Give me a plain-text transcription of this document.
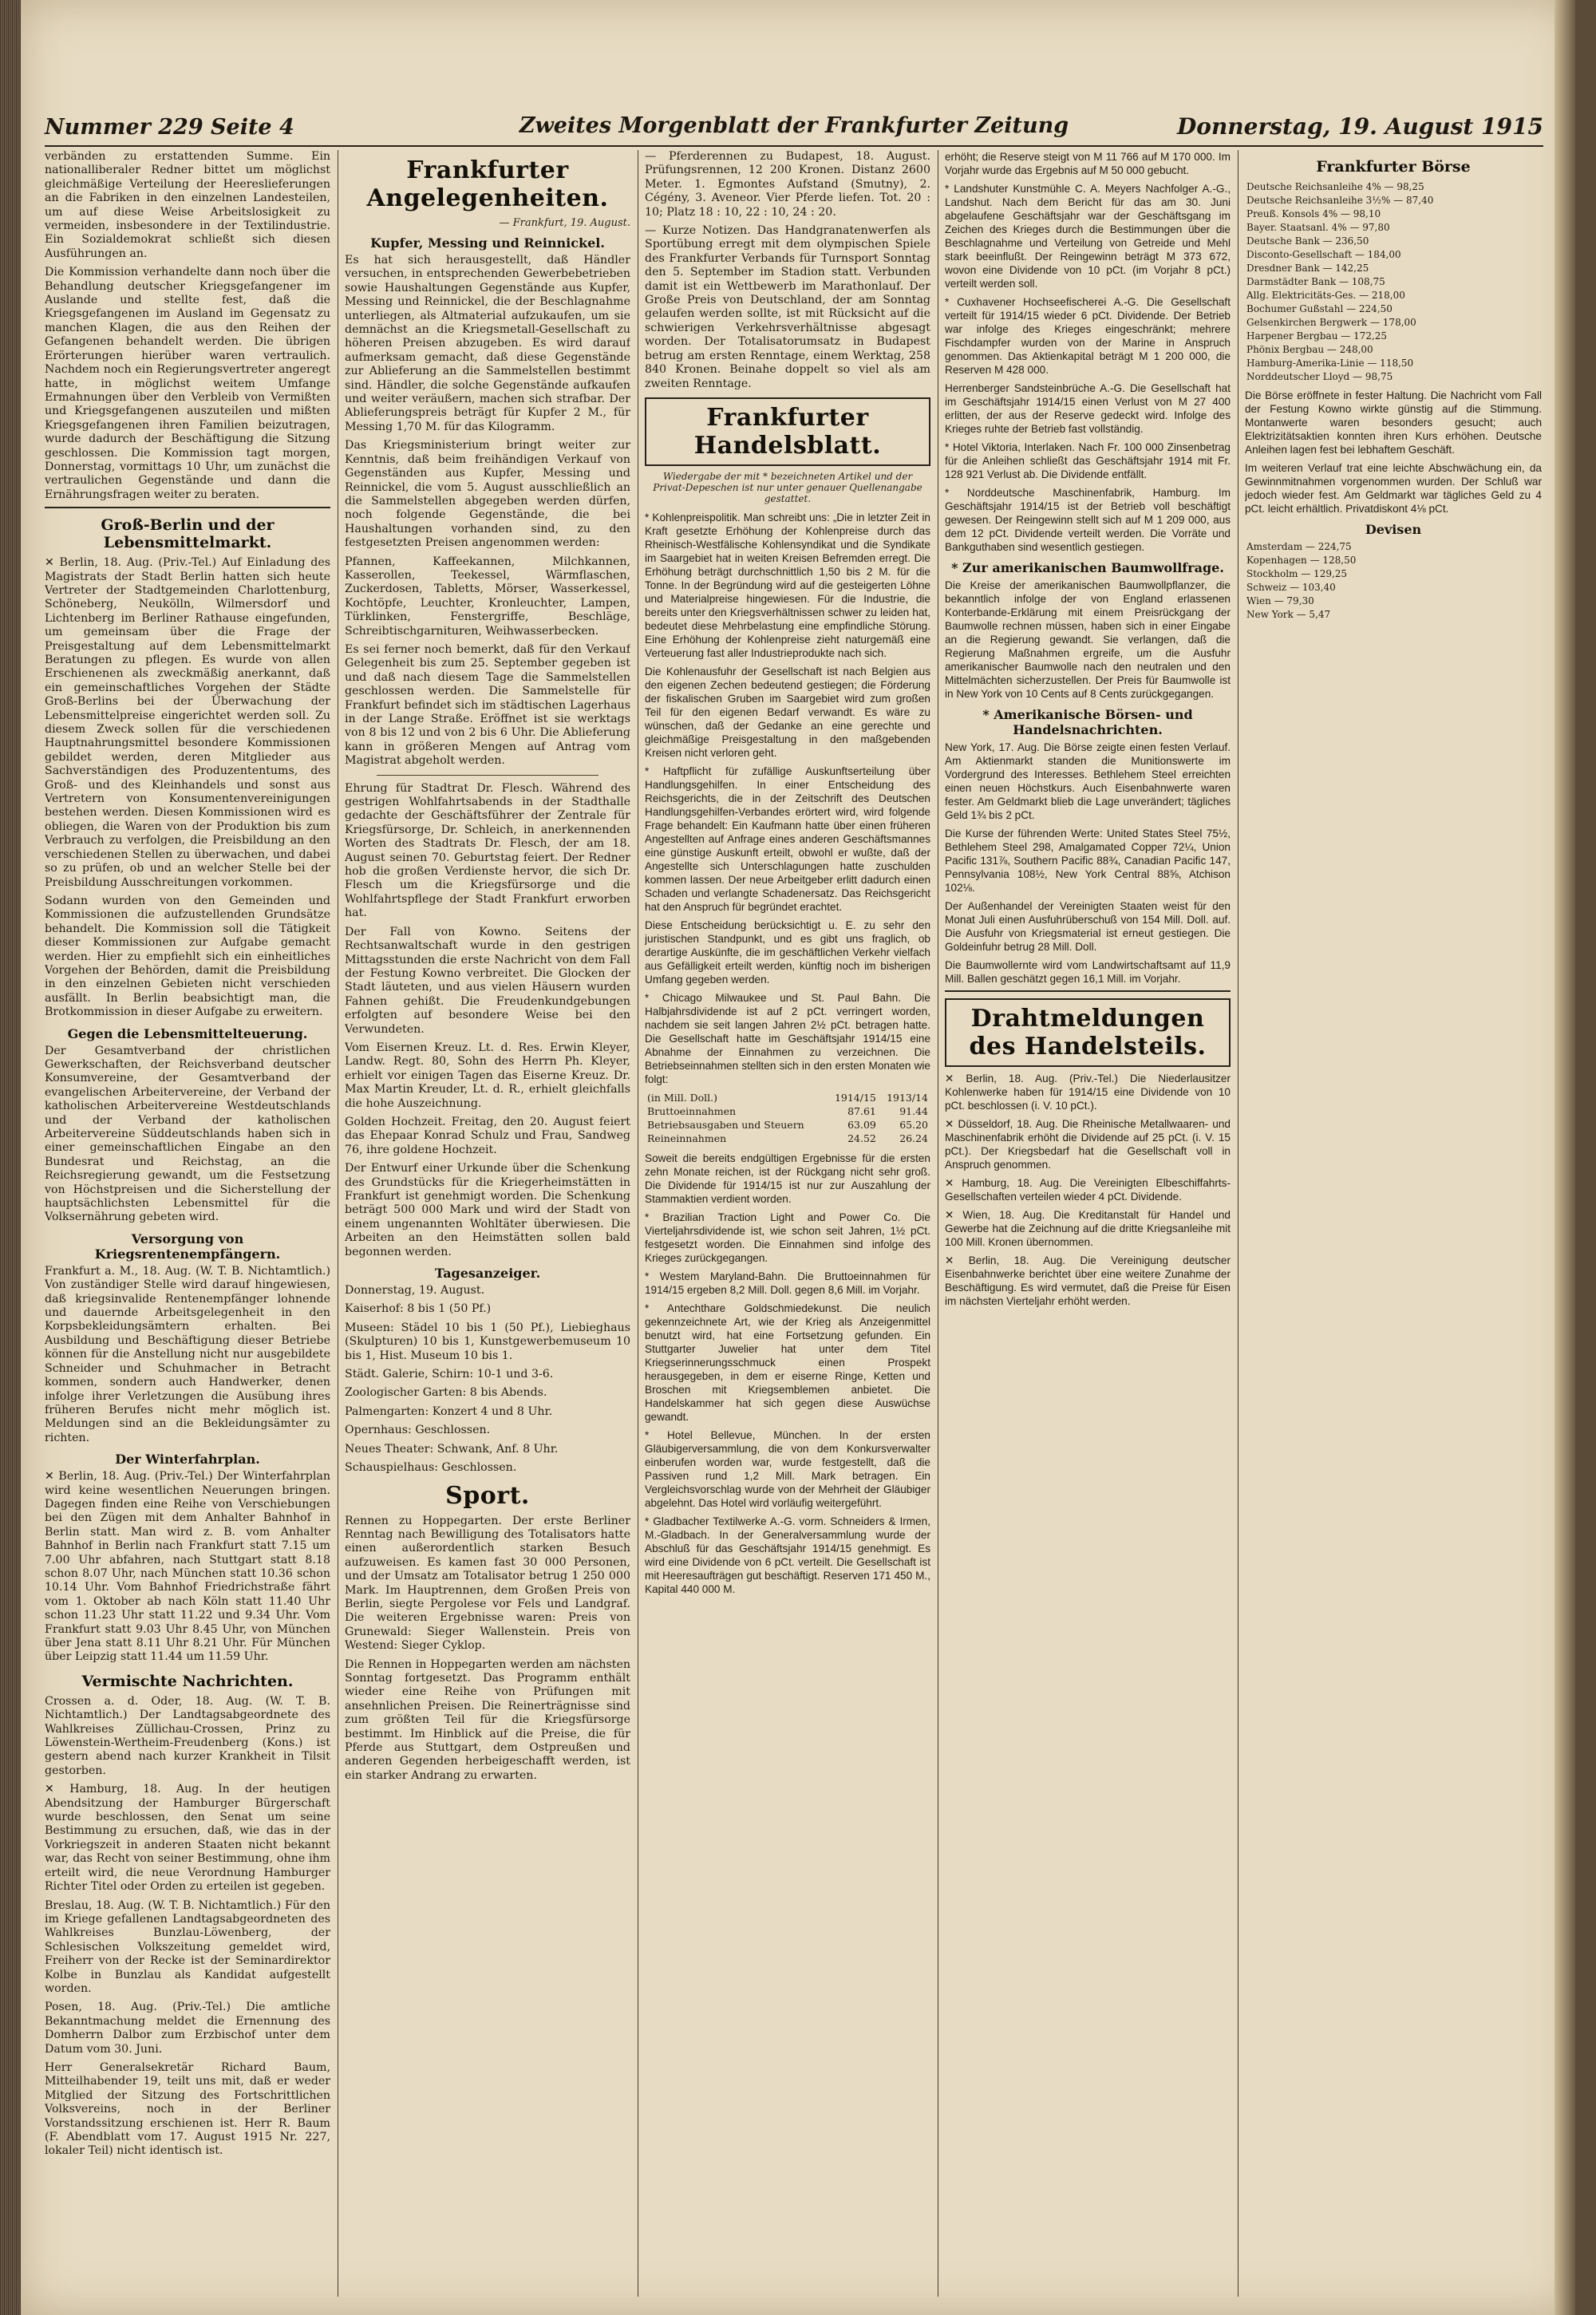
Nummer 229 Seite 4	Zweites Morgenblatt der Frankfurter Zeitung	Donnerstag, 19. August 1915

verbänden zu erstattenden Summe. Ein nationalliberaler Redner bittet um möglichst gleichmäßige Verteilung der Heereslieferungen an die Fabriken in den einzelnen Landesteilen, um auf diese Weise Arbeitslosigkeit zu vermeiden, insbesondere in der Textilindustrie. Ein Sozialdemokrat schließt sich diesen Ausführungen an.

Die Kommission verhandelte dann noch über die Behandlung deutscher Kriegsgefangener im Auslande und stellte fest, daß die Kriegsgefangenen im Ausland im Gegensatz zu manchen Klagen, die aus den Reihen der Gefangenen behandelt werden. Die übrigen Erörterungen hierüber waren vertraulich. Nachdem noch ein Regierungsvertreter angeregt hatte, in möglichst weitem Umfange Ermahnungen über den Verbleib von Vermißten und Kriegsgefangenen auszuteilen und mißten Kriegsgefangenen ihren Familien beizutragen, wurde dadurch der Beschäftigung die Sitzung geschlossen. Die Kommission tagt morgen, Donnerstag, vormittags 10 Uhr, um zunächst die vertraulichen Gegenstände und dann die Ernährungsfragen weiter zu beraten.

Groß-Berlin und der Lebensmittelmarkt.

✕ Berlin, 18. Aug. (Priv.-Tel.) Auf Einladung des Magistrats der Stadt Berlin hatten sich heute Vertreter der Stadtgemeinden Charlottenburg, Schöneberg, Neukölln, Wilmersdorf und Lichtenberg im Berliner Rathause eingefunden, um gemeinsam über die Frage der Preisgestaltung auf dem Lebensmittelmarkt Beratungen zu pflegen. Es wurde von allen Erschienenen als zweckmäßig anerkannt, daß ein gemeinschaftliches Vorgehen der Städte Groß-Berlins bei der Überwachung der Lebensmittelpreise eingerichtet werden soll. Zu diesem Zweck sollen für die verschiedenen Hauptnahrungsmittel besondere Kommissionen gebildet werden, deren Mitglieder aus Sachverständigen des Produzententums, des Groß- und des Kleinhandels und sonst aus Vertretern von Konsumentenvereinigungen bestehen werden. Diesen Kommissionen wird es obliegen, die Waren von der Produktion bis zum Verbrauch zu verfolgen, die Preisbildung an den verschiedenen Stellen zu überwachen, und dabei so zu prüfen, ob und an welcher Stelle bei der Preisbildung Ausschreitungen vorkommen.

Sodann wurden von den Gemeinden und Kommissionen die aufzustellenden Grundsätze behandelt. Die Kommission soll die Tätigkeit dieser Kommissionen zur Aufgabe gemacht werden. Hier zu empfiehlt sich ein einheitliches Vorgehen der Behörden, damit die Preisbildung in den einzelnen Gebieten nicht verschieden ausfällt. In Berlin beabsichtigt man, die Brotkommission in dieser Aufgabe zu erweitern.

Gegen die Lebensmittelteuerung.

Der Gesamtverband der christlichen Gewerkschaften, der Reichsverband deutscher Konsumvereine, der Gesamtverband der evangelischen Arbeitervereine, der Verband der katholischen Arbeitervereine Westdeutschlands und der Verband der katholischen Arbeitervereine Süddeutschlands haben sich in einer gemeinschaftlichen Eingabe an den Bundesrat und Reichstag, an die Reichsregierung gewandt, um die Festsetzung von Höchstpreisen und die Sicherstellung der hauptsächlichsten Lebensmittel für die Volksernährung gebeten wird.

Versorgung von Kriegsrentenempfängern.

Frankfurt a. M., 18. Aug. (W. T. B. Nichtamtlich.) Von zuständiger Stelle wird darauf hingewiesen, daß kriegsinvalide Rentenempfänger lohnende und dauernde Arbeitsgelegenheit in den Korpsbekleidungsämtern erhalten. Bei Ausbildung und Beschäftigung dieser Betriebe können für die Anstellung nicht nur ausgebildete Schneider und Schuhmacher in Betracht kommen, sondern auch Handwerker, denen infolge ihrer Verletzungen die Ausübung ihres früheren Berufes nicht mehr möglich ist. Meldungen sind an die Bekleidungsämter zu richten.

Der Winterfahrplan.

✕ Berlin, 18. Aug. (Priv.-Tel.) Der Winterfahrplan wird keine wesentlichen Neuerungen bringen. Dagegen finden eine Reihe von Verschiebungen bei den Zügen mit dem Anhalter Bahnhof in Berlin statt. Man wird z. B. vom Anhalter Bahnhof in Berlin nach Frankfurt statt 7.15 um 7.00 Uhr abfahren, nach Stuttgart statt 8.18 schon 8.07 Uhr, nach München statt 10.36 schon 10.14 Uhr. Vom Bahnhof Friedrichstraße fährt vom 1. Oktober ab nach Köln statt 11.40 Uhr schon 11.23 Uhr statt 11.22 und 9.34 Uhr. Vom Frankfurt statt 9.03 Uhr 8.45 Uhr, von München über Jena statt 8.11 Uhr 8.21 Uhr. Für München über Leipzig statt 11.44 um 11.59 Uhr.

Vermischte Nachrichten.

Crossen a. d. Oder, 18. Aug. (W. T. B. Nichtamtlich.) Der Landtagsabgeordnete des Wahlkreises Züllichau-Crossen, Prinz zu Löwenstein-Wertheim-Freudenberg (Kons.) ist gestern abend nach kurzer Krankheit in Tilsit gestorben.

✕ Hamburg, 18. Aug. In der heutigen Abendsitzung der Hamburger Bürgerschaft wurde beschlossen, den Senat um seine Bestimmung zu ersuchen, daß, wie das in der Vorkriegszeit in anderen Staaten nicht bekannt war, das Recht von seiner Bestimmung, ohne ihm erteilt wird, die neue Verordnung Hamburger Richter Titel oder Orden zu erteilen ist gegeben.

Breslau, 18. Aug. (W. T. B. Nichtamtlich.) Für den im Kriege gefallenen Landtagsabgeordneten des Wahlkreises Bunzlau-Löwenberg, der Schlesischen Volkszeitung gemeldet wird, Freiherr von der Recke ist der Seminardirektor Kolbe in Bunzlau als Kandidat aufgestellt worden.

Posen, 18. Aug. (Priv.-Tel.) Die amtliche Bekanntmachung meldet die Ernennung des Domherrn Dalbor zum Erzbischof unter dem Datum vom 30. Juni.

Herr Generalsekretär Richard Baum, Mitteilhabender 19, teilt uns mit, daß er weder Mitglied der Sitzung des Fortschrittlichen Volksvereins, noch in der Berliner Vorstandssitzung erschienen ist. Herr R. Baum (F. Abendblatt vom 17. August 1915 Nr. 227, lokaler Teil) nicht identisch ist.

Frankfurter Angelegenheiten.
— Frankfurt, 19. August.
Kupfer, Messing und Reinnickel.

Es hat sich herausgestellt, daß Händler versuchen, in entsprechenden Gewerbebetrieben sowie Haushaltungen Gegenstände aus Kupfer, Messing und Reinnickel, die der Beschlagnahme unterliegen, als Altmaterial aufzukaufen, um sie demnächst an die Kriegsmetall-Gesellschaft zu höheren Preisen abzugeben. Es wird darauf aufmerksam gemacht, daß diese Gegenstände zur Ablieferung an die Sammelstellen bestimmt sind. Händler, die solche Gegenstände aufkaufen und weiter veräußern, machen sich strafbar. Der Ablieferungspreis beträgt für Kupfer 2 M., für Messing 1,70 M. für das Kilogramm.

Das Kriegsministerium bringt weiter zur Kenntnis, daß beim freihändigen Verkauf von Gegenständen aus Kupfer, Messing und Reinnickel, die vom 5. August ausschließlich an die Sammelstellen abgegeben werden dürfen, noch folgende Gegenstände, die bei Haushaltungen vorhanden sind, zu den festgesetzten Preisen angenommen werden:

Pfannen, Kaffeekannen, Milchkannen, Kasserollen, Teekessel, Wärmflaschen, Zuckerdosen, Tabletts, Mörser, Wasserkessel, Kochtöpfe, Leuchter, Kronleuchter, Lampen, Türklinken, Fenstergriffe, Beschläge, Schreibtischgarnituren, Weihwasserbecken.

Es sei ferner noch bemerkt, daß für den Verkauf Gelegenheit bis zum 25. September gegeben ist und daß nach diesem Tage die Sammelstellen geschlossen werden. Die Sammelstelle für Frankfurt befindet sich im städtischen Lagerhaus in der Lange Straße. Eröffnet ist sie werktags von 8 bis 12 und von 2 bis 6 Uhr. Die Ablieferung kann in größeren Mengen auf Antrag vom Magistrat abgeholt werden.

Ehrung für Stadtrat Dr. Flesch. Während des gestrigen Wohlfahrtsabends in der Stadthalle gedachte der Geschäftsführer der Zentrale für Kriegsfürsorge, Dr. Schleich, in anerkennenden Worten des Stadtrats Dr. Flesch, der am 18. August seinen 70. Geburtstag feiert. Der Redner hob die großen Verdienste hervor, die sich Dr. Flesch um die Kriegsfürsorge und die Wohlfahrtspflege der Stadt Frankfurt erworben hat.

Der Fall von Kowno. Seitens der Rechtsanwaltschaft wurde in den gestrigen Mittagsstunden die erste Nachricht von dem Fall der Festung Kowno verbreitet. Die Glocken der Stadt läuteten, und aus vielen Häusern wurden Fahnen gehißt. Die Freudenkundgebungen erfolgten auf besondere Weise bei den Verwundeten.

Vom Eisernen Kreuz. Lt. d. Res. Erwin Kleyer, Landw. Regt. 80, Sohn des Herrn Ph. Kleyer, erhielt vor einigen Tagen das Eiserne Kreuz. Dr. Max Martin Kreuder, Lt. d. R., erhielt gleichfalls die hohe Auszeichnung.

Golden Hochzeit. Freitag, den 20. August feiert das Ehepaar Konrad Schulz und Frau, Sandweg 76, ihre goldene Hochzeit.

Der Entwurf einer Urkunde über die Schenkung des Grundstücks für die Kriegerheimstätten in Frankfurt ist genehmigt worden. Die Schenkung beträgt 500 000 Mark und wird der Stadt von einem ungenannten Wohltäter überwiesen. Die Arbeiten an den Heimstätten sollen bald begonnen werden.

Tagesanzeiger.

Donnerstag, 19. August.

Kaiserhof: 8 bis 1 (50 Pf.)

Museen: Städel 10 bis 1 (50 Pf.), Liebieghaus (Skulpturen) 10 bis 1, Kunstgewerbemuseum 10 bis 1, Hist. Museum 10 bis 1.

Städt. Galerie, Schirn: 10-1 und 3-6.

Zoologischer Garten: 8 bis Abends.

Palmengarten: Konzert 4 und 8 Uhr.

Opernhaus: Geschlossen.

Neues Theater: Schwank, Anf. 8 Uhr.

Schauspielhaus: Geschlossen.

Sport.

Rennen zu Hoppegarten. Der erste Berliner Renntag nach Bewilligung des Totalisators hatte einen außerordentlich starken Besuch aufzuweisen. Es kamen fast 30 000 Personen, und der Umsatz am Totalisator betrug 1 250 000 Mark. Im Hauptrennen, dem Großen Preis von Berlin, siegte Pergolese vor Fels und Landgraf. Die weiteren Ergebnisse waren: Preis von Grunewald: Sieger Wallenstein. Preis von Westend: Sieger Cyklop.

Die Rennen in Hoppegarten werden am nächsten Sonntag fortgesetzt. Das Programm enthält wieder eine Reihe von Prüfungen mit ansehnlichen Preisen. Die Reinerträgnisse sind zum größten Teil für die Kriegsfürsorge bestimmt. Im Hinblick auf die Preise, die für Pferde aus Stuttgart, dem Ostpreußen und anderen Gegenden herbeigeschafft werden, ist ein starker Andrang zu erwarten.

— Pferderennen zu Budapest, 18. August. Prüfungsrennen, 12 200 Kronen. Distanz 2600 Meter. 1. Egmontes Aufstand (Smutny), 2. Cégény, 3. Aveneor. Vier Pferde liefen. Tot. 20 : 10; Platz 18 : 10, 22 : 10, 24 : 20.

— Kurze Notizen. Das Handgranatenwerfen als Sportübung erregt mit dem olympischen Spiele des Frankfurter Verbands für Turnsport Sonntag den 5. September im Stadion statt. Verbunden damit ist ein Wettbewerb im Marathonlauf. Der Große Preis von Deutschland, der am Sonntag gelaufen werden sollte, ist mit Rücksicht auf die schwierigen Verkehrsverhältnisse abgesagt worden. Der Totalisatorumsatz in Budapest betrug am ersten Renntage, einem Werktag, 258 840 Kronen. Beinahe doppelt so viel als am zweiten Renntage.

Frankfurter Handelsblatt.
Wiedergabe der mit * bezeichneten Artikel und der Privat-Depeschen ist nur unter genauer Quellenangabe gestattet.

* Kohlenpreispolitik. Man schreibt uns: „Die in letzter Zeit in Kraft gesetzte Erhöhung der Kohlenpreise durch das Rheinisch-Westfälische Kohlensyndikat und die Syndikate im Saargebiet hat in weiten Kreisen Befremden erregt. Die Erhöhung beträgt durchschnittlich 1,50 bis 2 M. für die Tonne. In der Begründung wird auf die gesteigerten Löhne und Materialpreise hingewiesen. Für die Industrie, die bereits unter den Kriegsverhältnissen schwer zu leiden hat, bedeutet diese Mehrbelastung eine empfindliche Störung. Eine Erhöhung der Kohlenpreise zieht naturgemäß eine Verteuerung fast aller Industrieprodukte nach sich.

Die Kohlenausfuhr der Gesellschaft ist nach Belgien aus den eigenen Zechen bedeutend gestiegen; die Förderung der fiskalischen Gruben im Saargebiet wird zum großen Teil für den eigenen Bedarf verwandt. Es wäre zu wünschen, daß der Gedanke an eine gerechte und gleichmäßige Preisgestaltung in den maßgebenden Kreisen nicht verloren geht.

* Haftpflicht für zufällige Auskunftserteilung über Handlungsgehilfen. In einer Entscheidung des Reichsgerichts, die in der Zeitschrift des Deutschen Handlungsgehilfen-Verbandes erörtert wird, wird folgende Frage behandelt: Ein Kaufmann hatte über einen früheren Angestellten auf Anfrage eines anderen Geschäftsmannes eine günstige Auskunft erteilt, obwohl er wußte, daß der Angestellte sich Unterschlagungen hatte zuschulden kommen lassen. Der neue Arbeitgeber erlitt dadurch einen Schaden und verlangte Schadenersatz. Das Reichsgericht hat den Anspruch für begründet erachtet.

Diese Entscheidung berücksichtigt u. E. zu sehr den juristischen Standpunkt, und es gibt uns fraglich, ob derartige Auskünfte, die im geschäftlichen Verkehr vielfach aus Gefälligkeit erteilt werden, künftig noch im bisherigen Umfang gegeben werden.

* Chicago Milwaukee und St. Paul Bahn. Die Halbjahrsdividende ist auf 2 pCt. verringert worden, nachdem sie seit langen Jahren 2½ pCt. betragen hatte. Die Gesellschaft hatte im Geschäftsjahr 1914/15 eine Abnahme der Einnahmen zu verzeichnen. Die Betriebseinnahmen stellten sich in den ersten Monaten wie folgt:

(in Mill. Doll.)	1914/15	1913/14
Bruttoeinnahmen	87.61	91.44
Betriebsausgaben und Steuern	63.09	65.20
Reineinnahmen	24.52	26.24

Soweit die bereits endgültigen Ergebnisse für die ersten zehn Monate reichen, ist der Rückgang nicht sehr groß. Die Dividende für 1914/15 ist nur zur Auszahlung der Stammaktien verdient worden.

* Brazilian Traction Light and Power Co. Die Vierteljahrsdividende ist, wie schon seit Jahren, 1½ pCt. festgesetzt worden. Die Einnahmen sind infolge des Krieges zurückgegangen.

* Westem Maryland-Bahn. Die Bruttoeinnahmen für 1914/15 ergeben 8,2 Mill. Doll. gegen 8,6 Mill. im Vorjahr.

* Antechthare Goldschmiedekunst. Die neulich gekennzeichnete Art, wie der Krieg als Anzeigenmittel benutzt wird, hat eine Fortsetzung gefunden. Ein Stuttgarter Juwelier hat unter dem Titel Kriegserinnerungsschmuck einen Prospekt herausgegeben, in dem er eiserne Ringe, Ketten und Broschen mit Kriegsemblemen anbietet. Die Handelskammer hat sich gegen diese Auswüchse gewandt.

* Hotel Bellevue, München. In der ersten Gläubigerversammlung, die von dem Konkursverwalter einberufen worden war, wurde festgestellt, daß die Passiven rund 1,2 Mill. Mark betragen. Ein Vergleichsvorschlag wurde von der Mehrheit der Gläubiger abgelehnt. Das Hotel wird vorläufig weitergeführt.

* Gladbacher Textilwerke A.-G. vorm. Schneiders & Irmen, M.-Gladbach. In der Generalversammlung wurde der Abschluß für das Geschäftsjahr 1914/15 genehmigt. Es wird eine Dividende von 6 pCt. verteilt. Die Gesellschaft ist mit Heeresaufträgen gut beschäftigt. Reserven 171 450 M., Kapital 440 000 M.

erhöht; die Reserve steigt von M 11 766 auf M 170 000. Im Vorjahr wurde das Ergebnis auf M 50 000 gebucht.

* Landshuter Kunstmühle C. A. Meyers Nachfolger A.-G., Landshut. Nach dem Bericht für das am 30. Juni abgelaufene Geschäftsjahr war der Geschäftsgang im Zeichen des Krieges durch die Bestimmungen über die Beschlagnahme und Verteilung von Getreide und Mehl stark beeinflußt. Der Reingewinn beträgt M 373 672, wovon eine Dividende von 10 pCt. (im Vorjahr 8 pCt.) verteilt werden soll.

* Cuxhavener Hochseefischerei A.-G. Die Gesellschaft verteilt für 1914/15 wieder 6 pCt. Dividende. Der Betrieb war infolge des Krieges eingeschränkt; mehrere Fischdampfer wurden von der Marine in Anspruch genommen. Das Aktienkapital beträgt M 1 200 000, die Reserven M 428 000.

Herrenberger Sandsteinbrüche A.-G. Die Gesellschaft hat im Geschäftsjahr 1914/15 einen Verlust von M 27 400 erlitten, der aus der Reserve gedeckt wird. Infolge des Krieges ruhte der Betrieb fast vollständig.

* Hotel Viktoria, Interlaken. Nach Fr. 100 000 Zinsenbetrag für die Anleihen schließt das Geschäftsjahr 1914 mit Fr. 128 921 Verlust ab. Die Dividende entfällt.

* Norddeutsche Maschinenfabrik, Hamburg. Im Geschäftsjahr 1914/15 ist der Betrieb voll beschäftigt gewesen. Der Reingewinn stellt sich auf M 1 209 000, aus dem 12 pCt. Dividende verteilt werden. Die Vorräte und Bankguthaben sind wesentlich gestiegen.

* Zur amerikanischen Baumwollfrage.

Die Kreise der amerikanischen Baumwollpflanzer, die bekanntlich infolge der von England erlassenen Konterbande-Erklärung mit einem Preisrückgang der Baumwolle rechnen müssen, haben sich in einer Eingabe an die Regierung gewandt. Sie verlangen, daß die Regierung Maßnahmen ergreife, um die Ausfuhr amerikanischer Baumwolle nach den neutralen und den Mittelmächten sicherzustellen. Der Preis für Baumwolle ist in New York von 10 Cents auf 8 Cents zurückgegangen.

* Amerikanische Börsen- und Handelsnachrichten.

New York, 17. Aug. Die Börse zeigte einen festen Verlauf. Am Aktienmarkt standen die Munitionswerte im Vordergrund des Interesses. Bethlehem Steel erreichten einen neuen Höchstkurs. Auch Eisenbahnwerte waren fester. Am Geldmarkt blieb die Lage unverändert; tägliches Geld 1¾ bis 2 pCt.

Die Kurse der führenden Werte: United States Steel 75½, Bethlehem Steel 298, Amalgamated Copper 72¼, Union Pacific 131⅞, Southern Pacific 88¾, Canadian Pacific 147, Pennsylvania 108½, New York Central 88⅝, Atchison 102⅛.

Der Außenhandel der Vereinigten Staaten weist für den Monat Juli einen Ausfuhrüberschuß von 154 Mill. Doll. auf. Die Ausfuhr von Kriegsmaterial ist erneut gestiegen. Die Goldeinfuhr betrug 28 Mill. Doll.

Die Baumwollernte wird vom Landwirtschaftsamt auf 11,9 Mill. Ballen geschätzt gegen 16,1 Mill. im Vorjahr.

Drahtmeldungen des Handelsteils.

✕ Berlin, 18. Aug. (Priv.-Tel.) Die Niederlausitzer Kohlenwerke haben für 1914/15 eine Dividende von 10 pCt. beschlossen (i. V. 10 pCt.).

✕ Düsseldorf, 18. Aug. Die Rheinische Metallwaaren- und Maschinenfabrik erhöht die Dividende auf 25 pCt. (i. V. 15 pCt.). Der Kriegsbedarf hat die Gesellschaft voll in Anspruch genommen.

✕ Hamburg, 18. Aug. Die Vereinigten Elbeschiffahrts-Gesellschaften verteilen wieder 4 pCt. Dividende.

✕ Wien, 18. Aug. Die Kreditanstalt für Handel und Gewerbe hat die Zeichnung auf die dritte Kriegsanleihe mit 100 Mill. Kronen übernommen.

✕ Berlin, 18. Aug. Die Vereinigung deutscher Eisenbahnwerke berichtet über eine weitere Zunahme der Beschäftigung. Es wird vermutet, daß die Preise für Eisen im nächsten Vierteljahr erhöht werden.

Frankfurter Börse
Deutsche Reichsanleihe 4% — 98,25
Deutsche Reichsanleihe 3½% — 87,40
Preuß. Konsols 4% — 98,10
Bayer. Staatsanl. 4% — 97,80
Deutsche Bank — 236,50
Disconto-Gesellschaft — 184,00
Dresdner Bank — 142,25
Darmstädter Bank — 108,75
Allg. Elektricitäts-Ges. — 218,00
Bochumer Gußstahl — 224,50
Gelsenkirchen Bergwerk — 178,00
Harpener Bergbau — 172,25
Phönix Bergbau — 248,00
Hamburg-Amerika-Linie — 118,50
Norddeutscher Lloyd — 98,75

Die Börse eröffnete in fester Haltung. Die Nachricht vom Fall der Festung Kowno wirkte günstig auf die Stimmung. Montanwerte waren besonders gesucht; auch Elektrizitätsaktien konnten ihren Kurs erhöhen. Deutsche Anleihen lagen fest bei lebhaftem Geschäft.

Im weiteren Verlauf trat eine leichte Abschwächung ein, da Gewinnmitnahmen vorgenommen wurden. Der Schluß war jedoch wieder fest. Am Geldmarkt war tägliches Geld zu 4 pCt. leicht erhältlich. Privatdiskont 4⅛ pCt.

Devisen
Amsterdam — 224,75
Kopenhagen — 128,50
Stockholm — 129,25
Schweiz — 103,40
Wien — 79,30
New York — 5,47
